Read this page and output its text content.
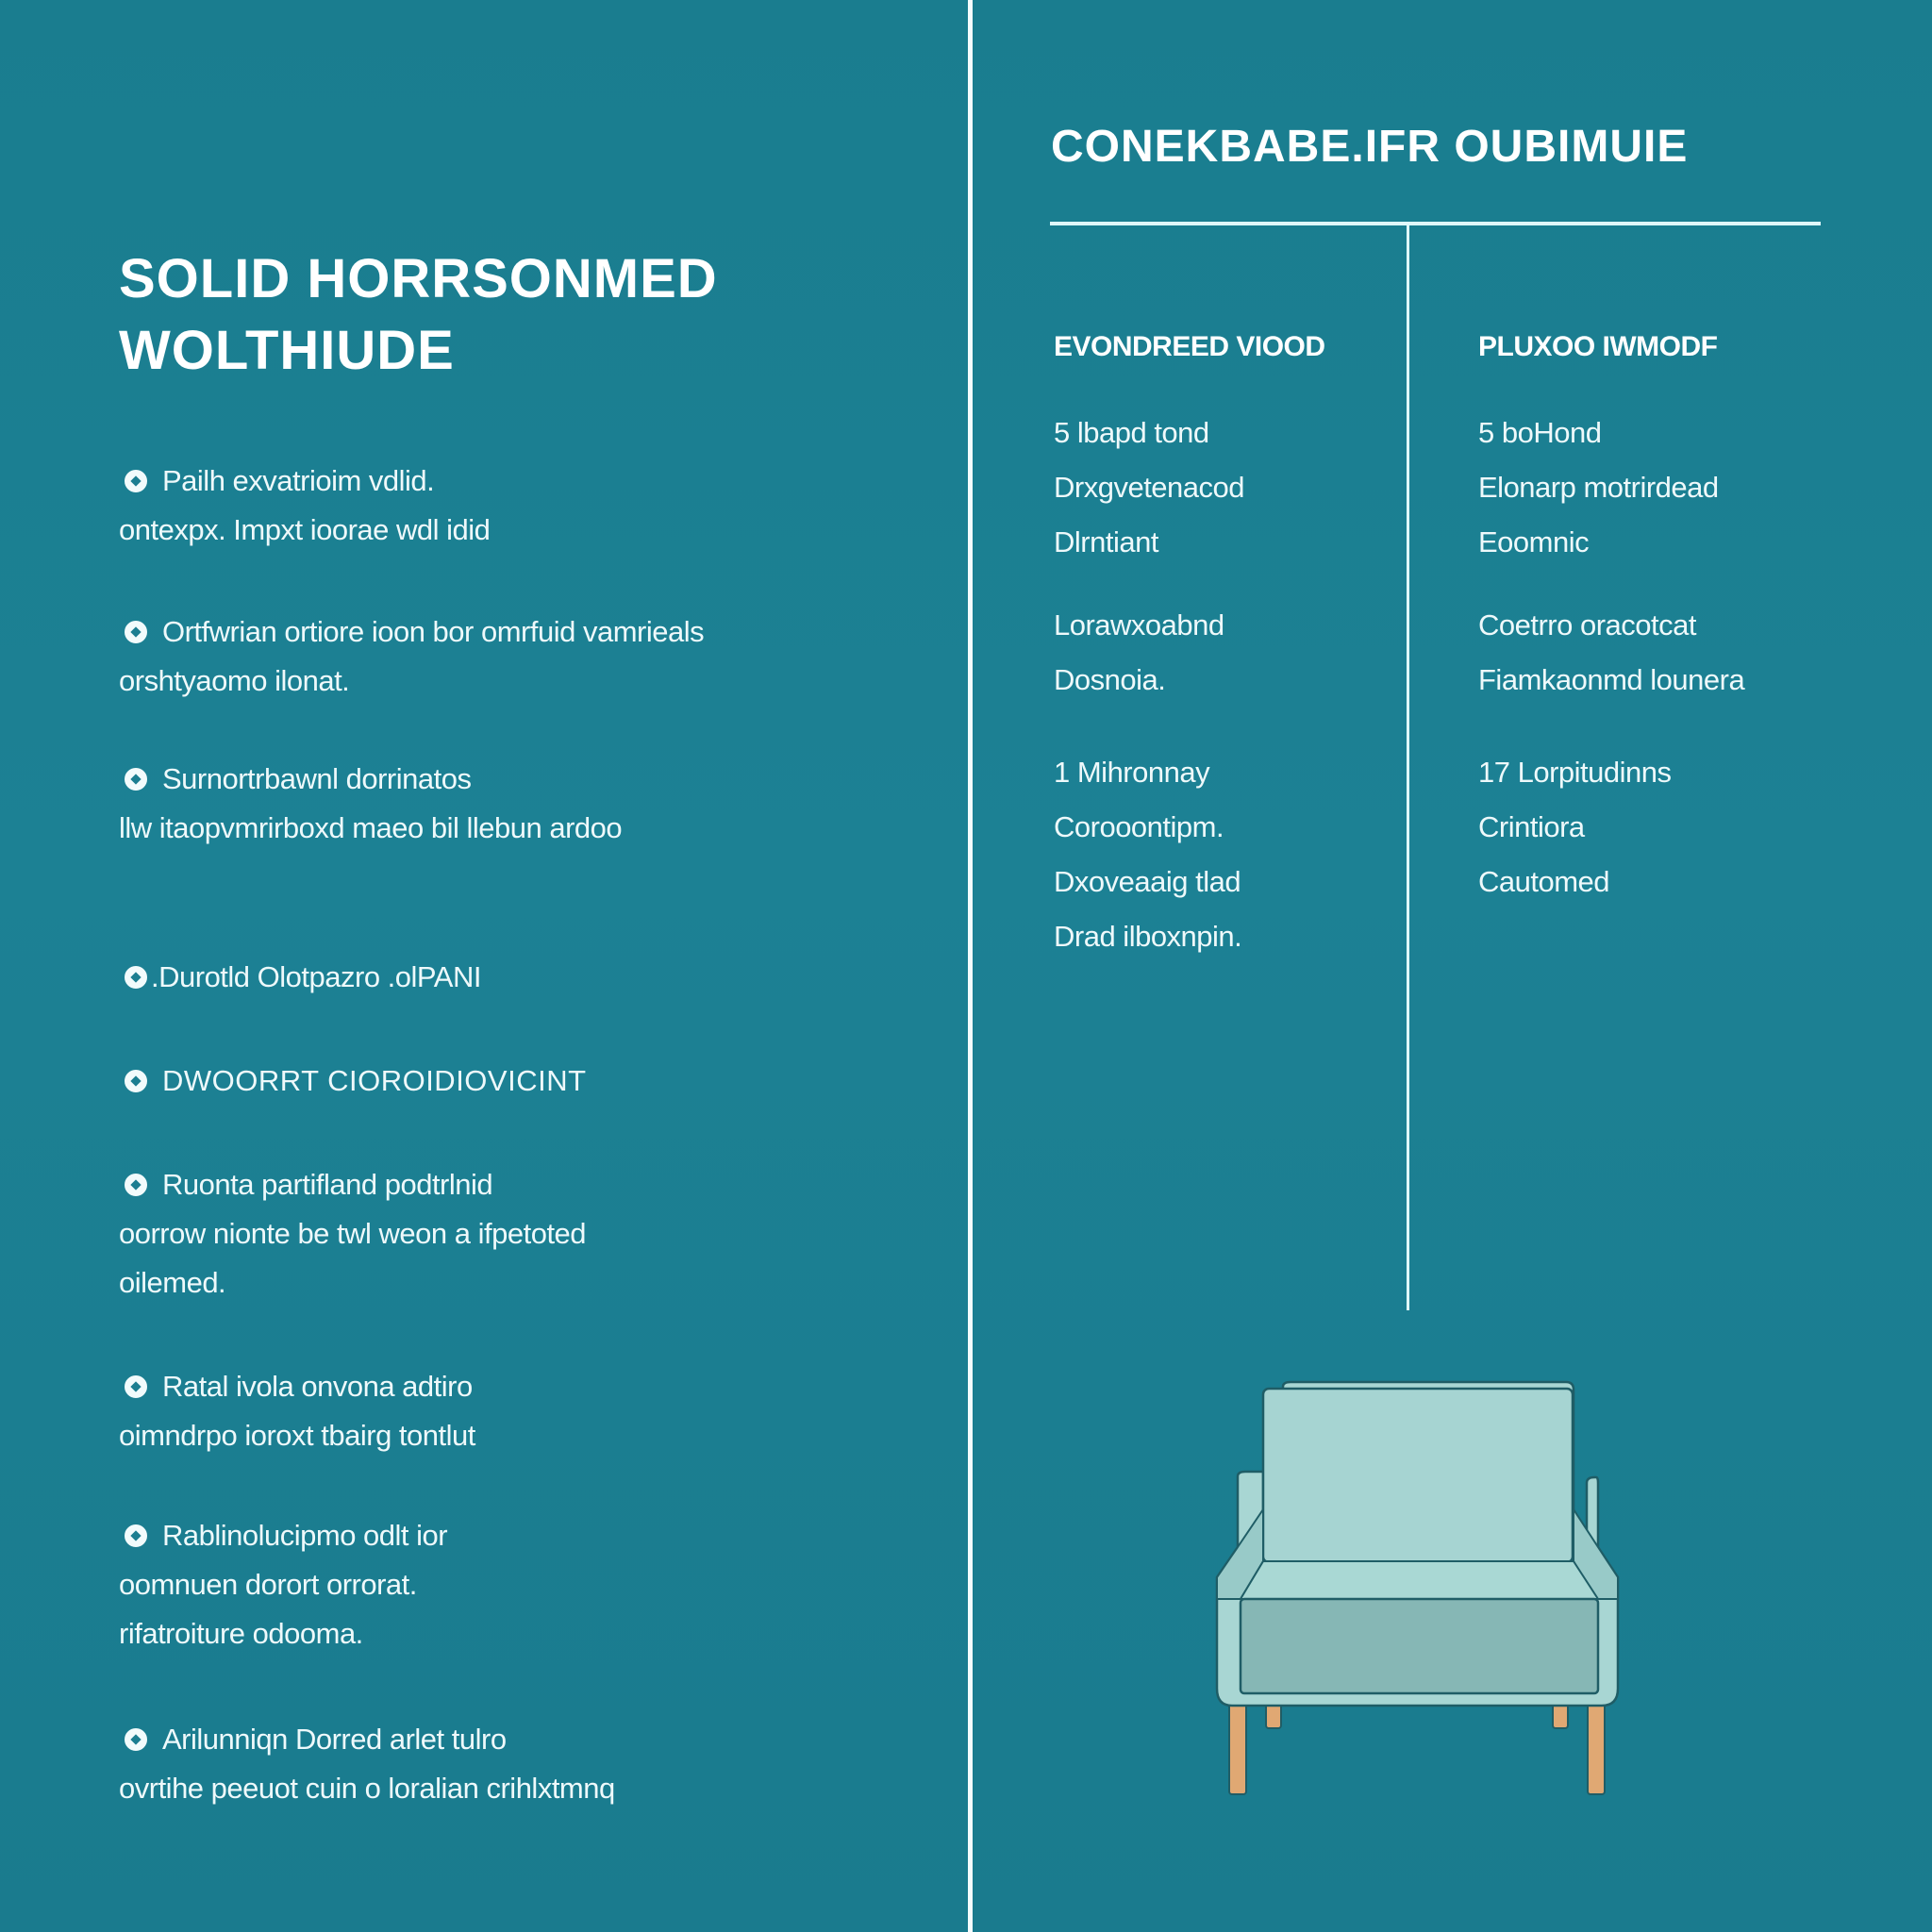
SOLID HORRSONMED
WOLTHIUDE
Pailh exvatrioim vdlid.
ontexpx. Impxt ioorae wdl idid
Ortfwrian ortiore ioon bor omrfuid vamrieals
orshtyaomo ilonat.
Surnortrbawnl dorrinatos
llw itaopvmrirboxd maeo bil llebun ardoo
.Durotld Olotpazro .olPANI
DWOORRT CIOROIDIOVICINT
Ruonta partifland podtrlnid
oorrow nionte be twl weon a ifpetoted
oilemed.
Ratal ivola onvona adtiro
oimndrpo ioroxt tbairg tontlut
Rablinolucipmo odlt ior
oomnuen dorort orrorat.
rifatroiture odooma.
Arilunniqn Dorred arlet tulro
ovrtihe peeuot cuin o loralian crihlxtmnq
CONEKBABE.IFR OUBIMUIE
EVONDREED VIOOD
5 lbapd tond
Drxgvetenacod
Dlrntiant
Lorawxoabnd
Dosnoia.
1 Mihronnay
Corooontipm.
Dxoveaaig tlad
Drad ilboxnpin.
PLUXOO IWMODF
5 boHond
Elonarp motrirdead
Eoomnic
Coetrro oracotcat
Fiamkaonmd lounera
17 Lorpitudinns
Crintiora
Cautomed
